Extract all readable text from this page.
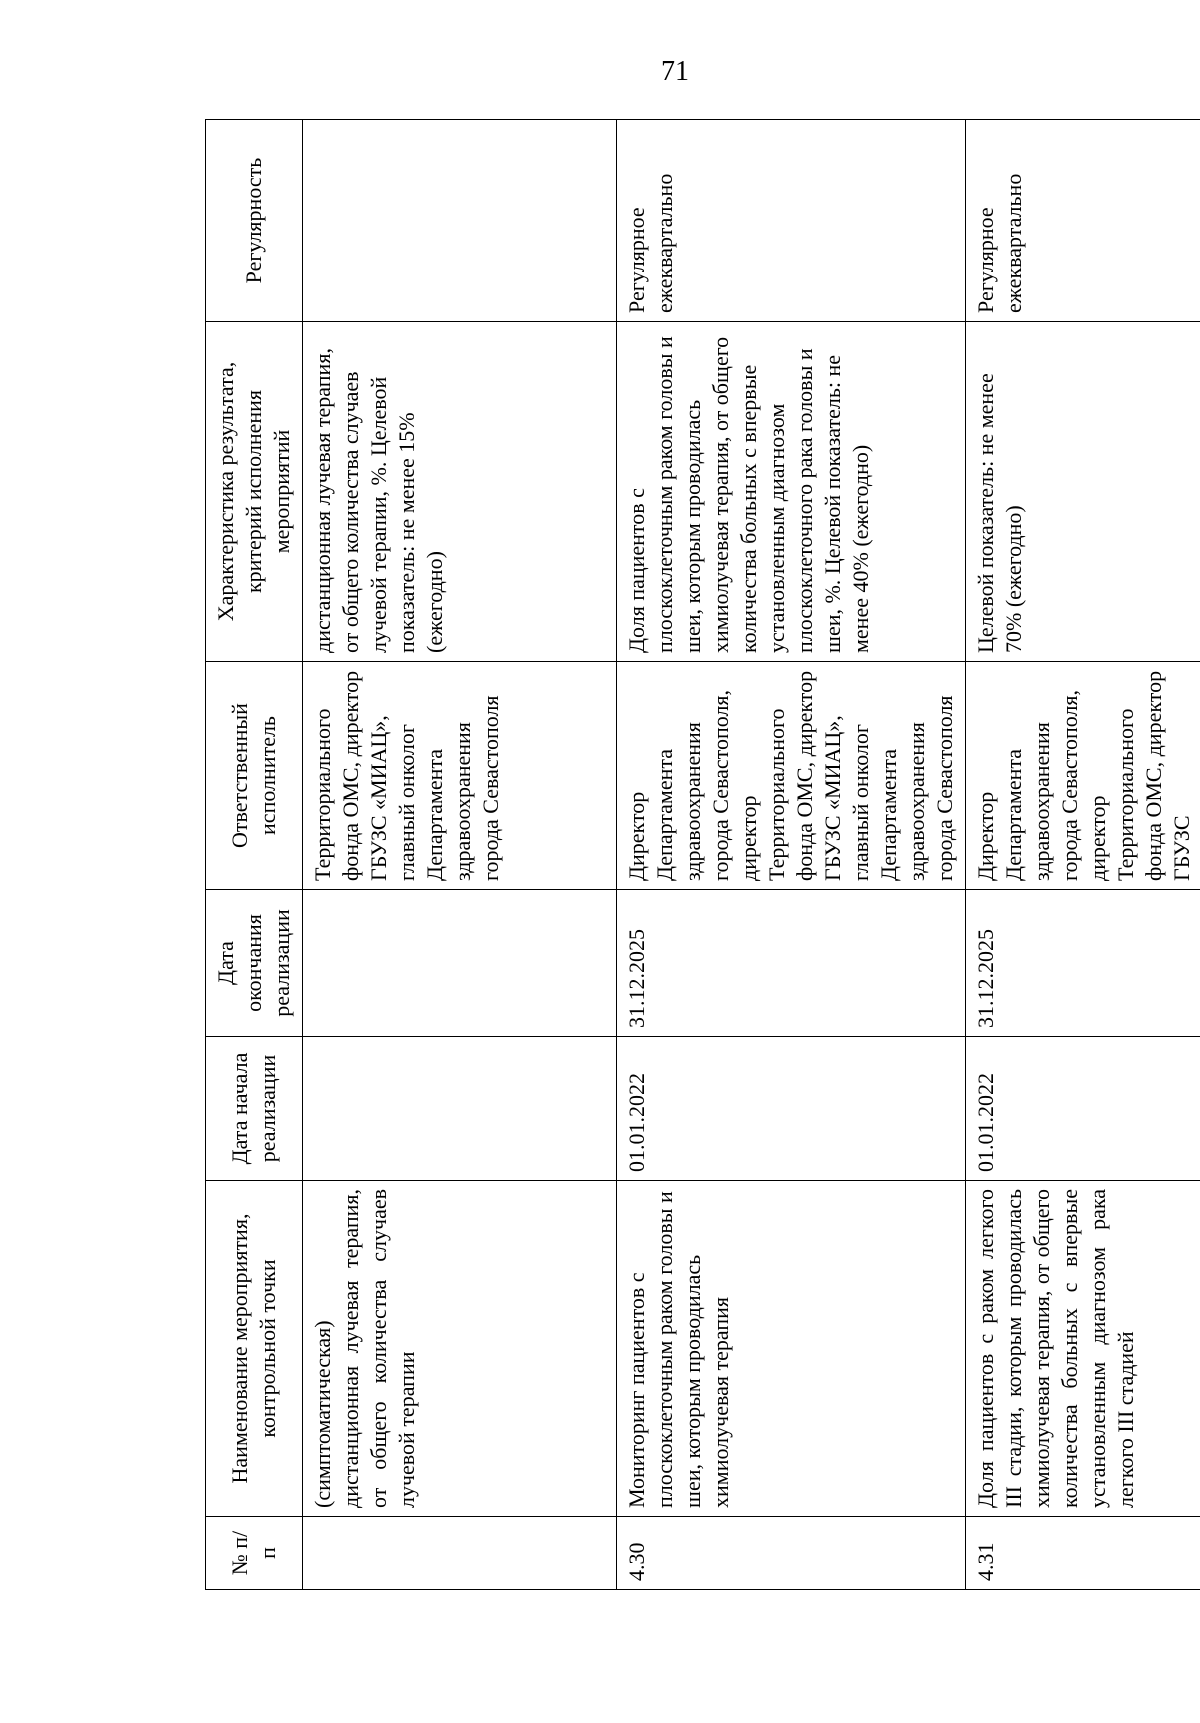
71
№ п/п	Наименование мероприятия, контрольной точки	Дата начала реализации	Дата окончания реализации	Ответственный исполнитель	Характеристика результата, критерий исполнения мероприятий	Регулярность
	(симптоматическая) дистанционная лучевая терапия, от общего количества случаев лучевой терапии			Территориального фонда ОМС, директор ГБУЗС «МИАЦ», главный онколог Департамента здравоохранения города Севастополя	дистанционная лучевая терапия, от общего количества случаев лучевой терапии, %. Целевой показатель: не менее 15% (ежегодно)	
4.30	Мониторинг пациентов с плоскоклеточным раком головы и шеи, которым проводилась химиолучевая терапия	01.01.2022	31.12.2025	Директор Департамента здравоохранения города Севастополя, директор Территориального фонда ОМС, директор ГБУЗС «МИАЦ», главный онколог Департамента здравоохранения города Севастополя	Доля пациентов с плоскоклеточным раком головы и шеи, которым проводилась химиолучевая терапия, от общего количества больных с впервые установленным диагнозом плоскоклеточного рака головы и шеи, %. Целевой показатель: не менее 40% (ежегодно)	Регулярное ежеквартально
4.31	Доля пациентов с раком легкого III стадии, которым проводилась химиолучевая терапия, от общего количества больных с впервые установленным диагнозом рака легкого III стадией	01.01.2022	31.12.2025	Директор Департамента здравоохранения города Севастополя, директор Территориального фонда ОМС, директор ГБУЗС	Целевой показатель: не менее 70% (ежегодно)	Регулярное ежеквартально
